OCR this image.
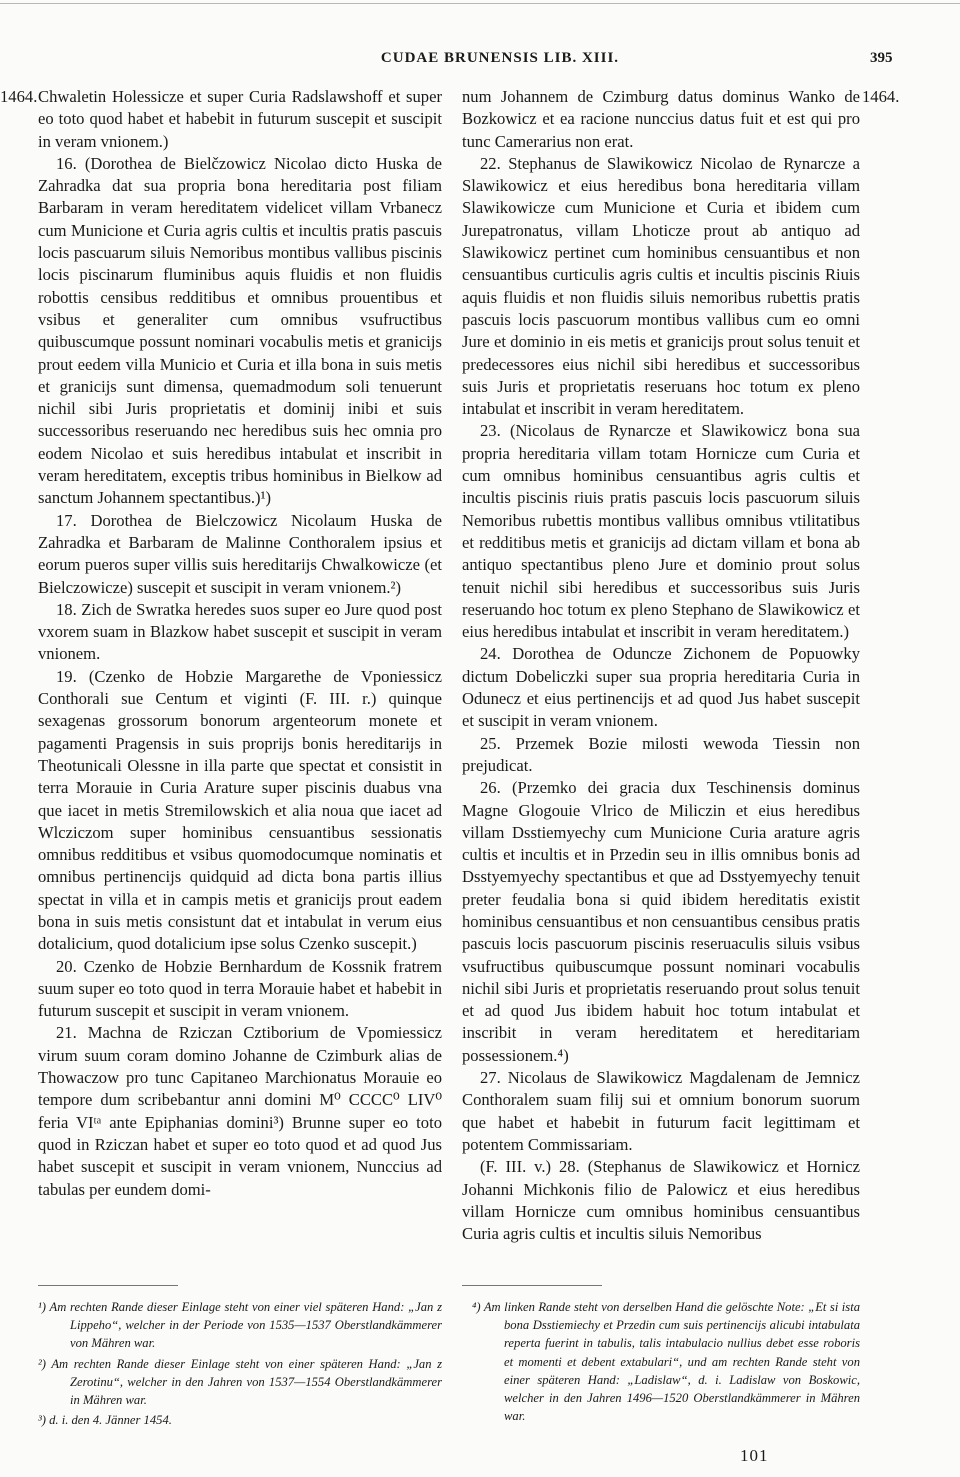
CUDAE BRUNENSIS LIB. XIII.	395
1464.	1464.

Chwaletin Holessicze et super Curia Radslawshoff et super eo toto quod habet et habebit in futurum suscepit et suscipit in veram vnionem.)

16. (Dorothea de Bielčzowicz Nicolao dicto Huska de Zahradka dat sua propria bona hereditaria post filiam Barbaram in veram hereditatem videlicet villam Vrbanecz cum Municione et Curia agris cultis et incultis pratis pascuis locis pascuarum siluis Nemoribus montibus vallibus piscinis locis piscinarum fluminibus aquis fluidis et non fluidis robottis censibus redditibus et omnibus prouentibus et vsibus et generaliter cum omnibus vsufructibus quibuscumque possunt nominari vocabulis metis et granicijs prout eedem villa Municio et Curia et illa bona in suis metis et granicijs sunt dimensa, quemadmodum soli tenuerunt nichil sibi Juris proprietatis et dominij inibi et suis successoribus reseruando nec heredibus suis hec omnia pro eodem Nicolao et suis heredibus intabulat et inscribit in veram hereditatem, exceptis tribus hominibus in Bielkow ad sanctum Johannem spectantibus.)¹)

17. Dorothea de Bielczowicz Nicolaum Huska de Zahradka et Barbaram de Malinne Conthoralem ipsius et eorum pueros super villis suis hereditarijs Chwalkowicze (et Bielczowicze) suscepit et suscipit in veram vnionem.²)

18. Zich de Swratka heredes suos super eo Jure quod post vxorem suam in Blazkow habet suscepit et suscipit in veram vnionem.

19. (Czenko de Hobzie Margarethe de Vponiessicz Conthorali sue Centum et viginti (F. III. r.) quinque sexagenas grossorum bonorum argenteorum monete et pagamenti Pragensis in suis proprijs bonis hereditarijs in Theotunicali Olessne in illa parte que spectat et consistit in terra Morauie in Curia Arature super piscinis duabus vna que iacet in metis Stremilowskich et alia noua que iacet ad Wlcziczom super hominibus censuantibus sessionatis omnibus redditibus et vsibus quomodocumque nominatis et omnibus pertinencijs quidquid ad dicta bona partis illius spectat in villa et in campis metis et granicijs prout eadem bona in suis metis consistunt dat et intabulat in verum eius dotalicium, quod dotalicium ipse solus Czenko suscepit.)

20. Czenko de Hobzie Bernhardum de Kossnik fratrem suum super eo toto quod in terra Morauie habet et habebit in futurum suscepit et suscipit in veram vnionem.

21. Machna de Rziczan Cztiborium de Vpomiessicz virum suum coram domino Johanne de Czimburk alias de Thowaczow pro tunc Capitaneo Marchionatus Morauie eo tempore dum scribebantur anni domini M⁰ CCCC⁰ LIV⁰ feria VIᵗᵃ ante Epiphanias domini³) Brunne super eo toto quod in Rziczan habet et super eo toto quod et ad quod Jus habet suscepit et suscipit in veram vnionem, Nunccius ad tabulas per eundem domi-

num Johannem de Czimburg datus dominus Wanko de Bozkowicz et ea racione nunccius datus fuit et est qui pro tunc Camerarius non erat.

22. Stephanus de Slawikowicz Nicolao de Rynarcze a Slawikowicz et eius heredibus bona hereditaria villam Slawikowicze cum Municione et Curia et ibidem cum Jurepatronatus, villam Lhoticze prout ab antiquo ad Slawikowicz pertinet cum hominibus censuantibus et non censuantibus curticulis agris cultis et incultis piscinis Riuis aquis fluidis et non fluidis siluis nemoribus rubettis pratis pascuis locis pascuorum montibus vallibus cum eo omni Jure et dominio in eis metis et granicijs prout solus tenuit et predecessores eius nichil sibi heredibus et successoribus suis Juris et proprietatis reseruans hoc totum ex pleno intabulat et inscribit in veram hereditatem.

23. (Nicolaus de Rynarcze et Slawikowicz bona sua propria hereditaria villam totam Hornicze cum Curia et cum omnibus hominibus censuantibus agris cultis et incultis piscinis riuis pratis pascuis locis pascuorum siluis Nemoribus rubettis montibus vallibus omnibus vtilitatibus et redditibus metis et granicijs ad dictam villam et bona ab antiquo spectantibus pleno Jure et dominio prout solus tenuit nichil sibi heredibus et successoribus suis Juris reseruando hoc totum ex pleno Stephano de Slawikowicz et eius heredibus intabulat et inscribit in veram hereditatem.)

24. Dorothea de Oduncze Zichonem de Popuowky dictum Dobeliczki super sua propria hereditaria Curia in Odunecz et eius pertinencijs et ad quod Jus habet suscepit et suscipit in veram vnionem.

25. Przemek Bozie milosti wewoda Tiessin non prejudicat.

26. (Przemko dei gracia dux Teschinensis dominus Magne Glogouie Vlrico de Miliczin et eius heredibus villam Dsstiemyechy cum Municione Curia arature agris cultis et incultis et in Przedin seu in illis omnibus bonis ad Dsstyemyechy spectantibus et que ad Dsstyemyechy tenuit preter feudalia bona si quid ibidem hereditatis existit hominibus censuantibus et non censuantibus censibus pratis pascuis locis pascuorum piscinis reseruaculis siluis vsibus vsufructibus quibuscumque possunt nominari vocabulis nichil sibi Juris et proprietatis reseruando prout solus tenuit et ad quod Jus ibidem habuit hoc totum intabulat et inscribit in veram hereditatem et hereditariam possessionem.⁴)

27. Nicolaus de Slawikowicz Magdalenam de Jemnicz Conthoralem suam filij sui et omnium bonorum suorum que habet et habebit in futurum facit legittimam et potentem Commissariam.

(F. III. v.) 28. (Stephanus de Slawikowicz et Hornicz Johanni Michkonis filio de Palowicz et eius heredibus villam Hornicze cum omnibus hominibus censuantibus Curia agris cultis et incultis siluis Nemoribus

¹) Am rechten Rande dieser Einlage steht von einer viel späteren Hand: „Jan z Lippeho“, welcher in der Periode von 1535—1537 Oberstlandkämmerer von Mähren war.

²) Am rechten Rande dieser Einlage steht von einer späteren Hand: „Jan z Zerotinu“, welcher in den Jahren von 1537—1554 Oberstlandkämmerer in Mähren war.

³) d. i. den 4. Jänner 1454.

⁴) Am linken Rande steht von derselben Hand die gelöschte Note: „Et si ista bona Dsstiemiechy et Przedin cum suis pertinencijs alicubi intabulata reperta fuerint in tabulis, talis intabulacio nullius debet esse roboris et momenti et debent extabulari“, und am rechten Rande steht von einer späteren Hand: „Ladislaw“, d. i. Ladislaw von Boskowic, welcher in den Jahren 1496—1520 Oberstlandkämmerer in Mähren war.

101
